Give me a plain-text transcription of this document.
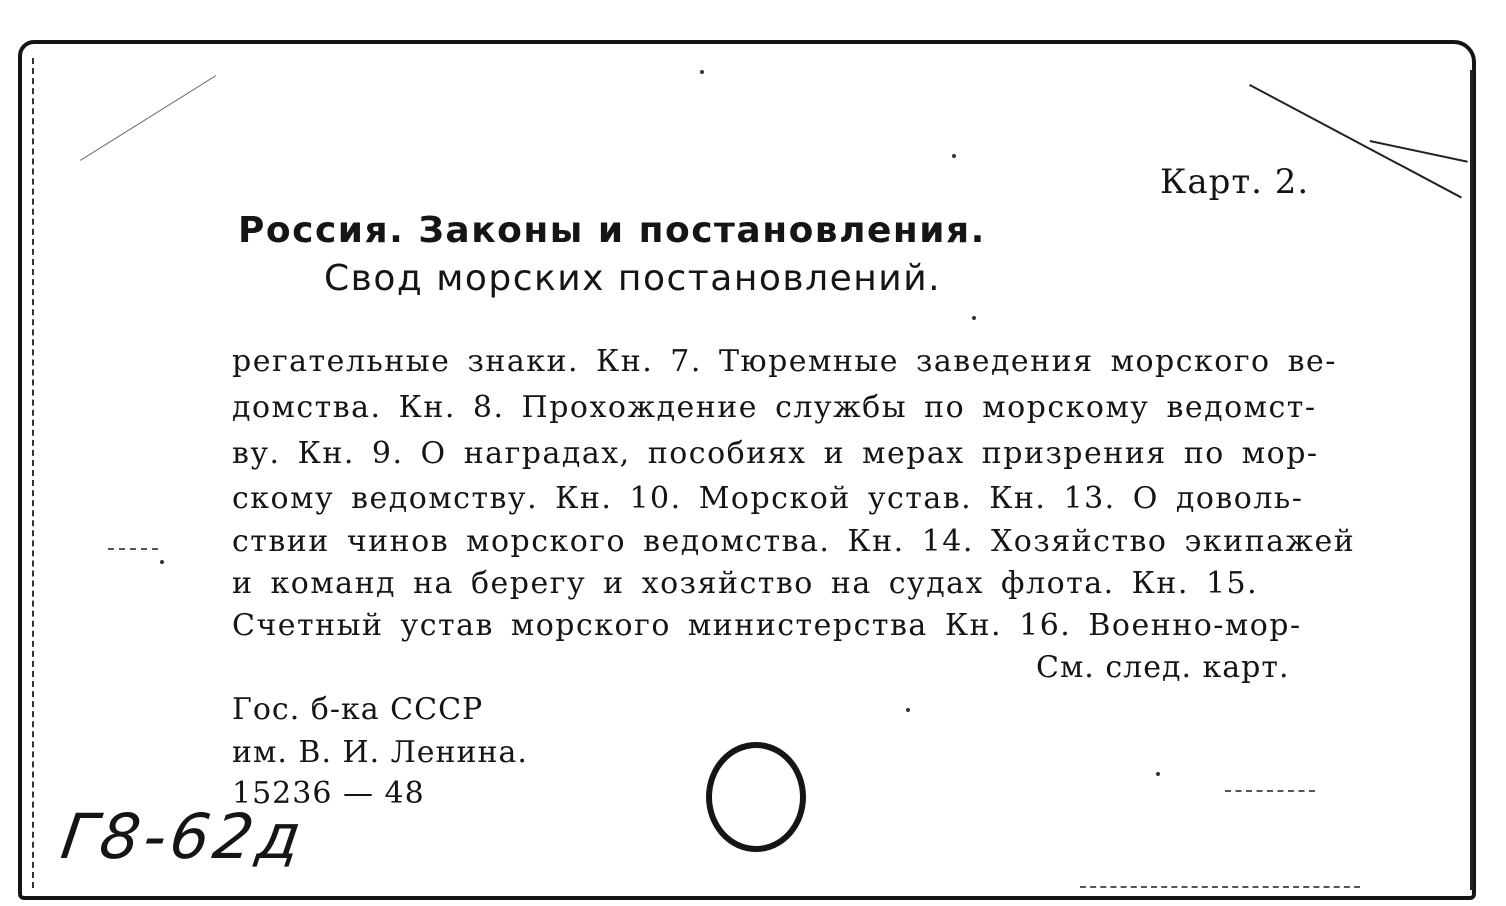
Карт. 2.
Россия. Законы и постановления.
Свод морских постановлений.
регательные знаки. Кн. 7. Тюремные заведения морского ве-
домства. Кн. 8. Прохождение службы по морскому ведомст-
ву. Кн. 9. О наградах, пособиях и мерах призрения по мор-
скому ведомству. Кн. 10. Морской устав. Кн. 13. О доволь-
ствии чинов морского ведомства. Кн. 14. Хозяйство экипажей
и команд на берегу и хозяйство на судах флота. Кн. 15.
Счетный устав морского министерства Кн. 16. Военно-мор-
См. след. карт.
Гос. б-ка СССР
им. В. И. Ленина.
15236 — 48
Г8-62д
